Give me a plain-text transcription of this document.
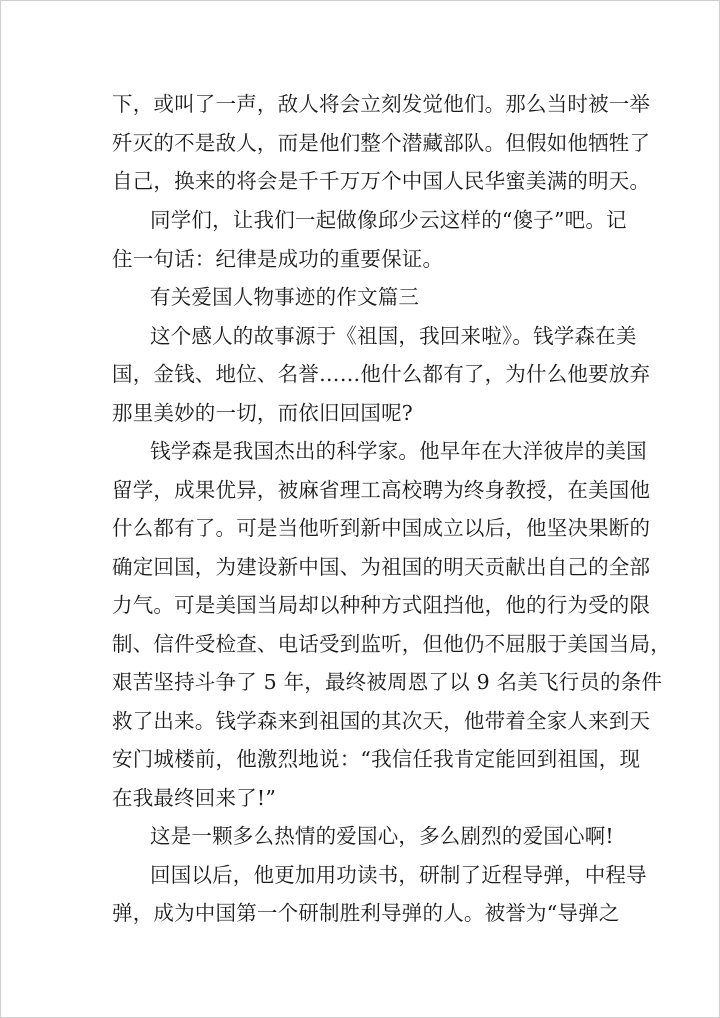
下，或叫了一声，敌人将会立刻发觉他们。那么当时被一举

歼灭的不是敌人，而是他们整个潜藏部队。但假如他牺牲了

自己，换来的将会是千千万万个中国人民华蜜美满的明天。

同学们，让我们一起做像邱少云这样的“傻子”吧。记

住一句话：纪律是成功的重要保证。

有关爱国人物事迹的作文篇三

这个感人的故事源于《祖国，我回来啦》。钱学森在美

国，金钱、地位、名誉……他什么都有了，为什么他要放弃

那里美妙的一切，而依旧回国呢?

钱学森是我国杰出的科学家。他早年在大洋彼岸的美国

留学，成果优异，被麻省理工高校聘为终身教授，在美国他

什么都有了。可是当他听到新中国成立以后，他坚决果断的

确定回国，为建设新中国、为祖国的明天贡献出自己的全部

力气。可是美国当局却以种种方式阻挡他，他的行为受的限

制、信件受检查、电话受到监听，但他仍不屈服于美国当局，

艰苦坚持斗争了 5 年，最终被周恩了以 9 名美飞行员的条件

救了出来。钱学森来到祖国的其次天，他带着全家人来到天

安门城楼前，他激烈地说：“我信任我肯定能回到祖国，现

在我最终回来了!”

这是一颗多么热情的爱国心，多么剧烈的爱国心啊!

回国以后，他更加用功读书，研制了近程导弹，中程导

弹，成为中国第一个研制胜利导弹的人。被誉为“导弹之
